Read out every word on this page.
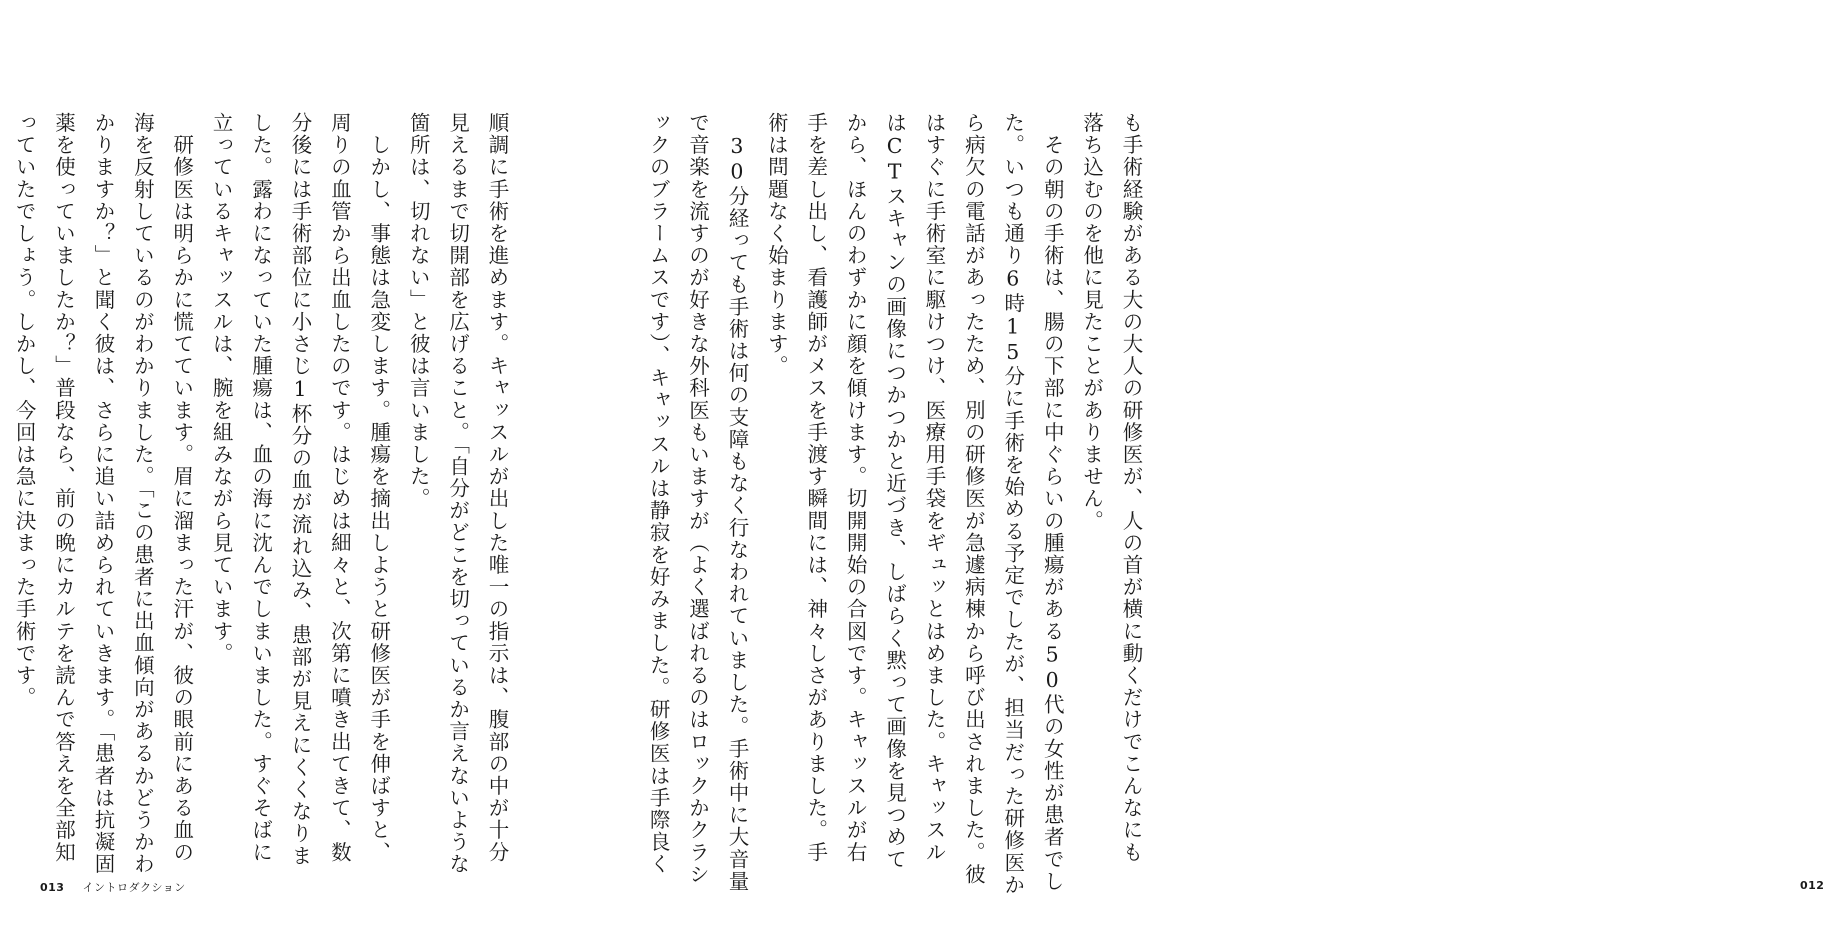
順調に手術を進めます。キャッスルが出した唯一の指示は、腹部の中が十分
見えるまで切開部を広げること。「自分がどこを切っているか言えないような
箇所は、切れない」と彼は言いました。
　しかし、事態は急変します。腫瘍を摘出しようと研修医が手を伸ばすと、
周りの血管から出血したのです。はじめは細々と、次第に噴き出てきて、数
分後には手術部位に小さじ1杯分の血が流れ込み、患部が見えにくくなりま
した。露わになっていた腫瘍は、血の海に沈んでしまいました。すぐそばに
立っているキャッスルは、腕を組みながら見ています。
　研修医は明らかに慌てています。眉に溜まった汗が、彼の眼前にある血の
海を反射しているのがわかりました。「この患者に出血傾向があるかどうかわ
かりますか？」と聞く彼は、さらに追い詰められていきます。「患者は抗凝固
薬を使っていましたか？」普段なら、前の晩にカルテを読んで答えを全部知
っていたでしょう。しかし、今回は急に決まった手術です。
013 イントロダクション
も手術経験がある大の大人の研修医が、人の首が横に動くだけでこんなにも
落ち込むのを他に見たことがありません。
　その朝の手術は、腸の下部に中ぐらいの腫瘍がある50代の女性が患者でし
た。いつも通り6時15分に手術を始める予定でしたが、担当だった研修医か
ら病欠の電話があったため、別の研修医が急遽病棟から呼び出されました。彼
はすぐに手術室に駆けつけ、医療用手袋をギュッとはめました。キャッスル
はCTスキャンの画像につかつかと近づき、しばらく黙って画像を見つめて
から、ほんのわずかに顔を傾けます。切開開始の合図です。キャッスルが右
手を差し出し、看護師がメスを手渡す瞬間には、神々しさがありました。手
術は問題なく始まります。
　30分経っても手術は何の支障もなく行なわれていました。手術中に大音量
で音楽を流すのが好きな外科医もいますが（よく選ばれるのはロックかクラシ
ックのブラームスです）、キャッスルは静寂を好みました。研修医は手際良く
012
